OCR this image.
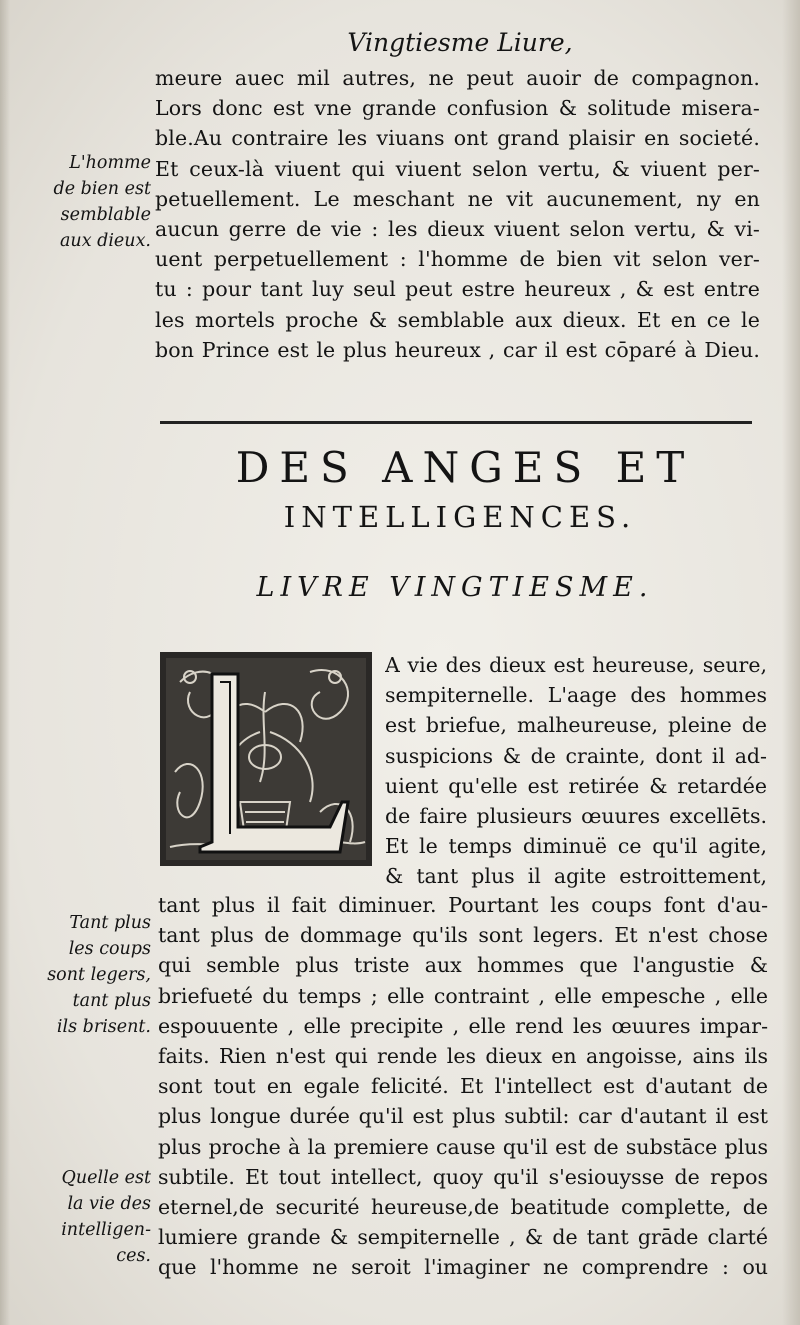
Vingtiesme Liure,
meure auec mil autres, ne peut auoir de compagnon.
Lors donc est vne grande confusion & solitude misera-
ble.Au contraire les viuans ont grand plaisir en societé.
Et ceux-là viuent qui viuent selon vertu, & viuent per-
petuellement. Le meschant ne vit aucunement, ny en
aucun gerre de vie : les dieux viuent selon vertu, & vi-
uent perpetuellement : l'homme de bien vit selon ver-
tu : pour tant luy seul peut estre heureux , & est entre
les mortels proche & semblable aux dieux. Et en ce le
bon Prince est le plus heureux , car il est cōparé à Dieu.
L'homme
de bien est
semblable
aux dieux.
DES ANGES ET
INTELLIGENCES.
LIVRE VINGTIESME.
A vie des dieux est heureuse, seure,
sempiternelle. L'aage des hommes
est briefue, malheureuse, pleine de
suspicions & de crainte, dont il ad-
uient qu'elle est retirée & retardée
de faire plusieurs œuures excellēts.
Et le temps diminuë ce qu'il agite,
& tant plus il agite estroittement,
tant plus il fait diminuer. Pourtant les coups font d'au-
tant plus de dommage qu'ils sont legers. Et n'est chose
qui semble plus triste aux hommes que l'angustie &
briefueté du temps ; elle contraint , elle empesche , elle
espouuente , elle precipite , elle rend les œuures impar-
faits. Rien n'est qui rende les dieux en angoisse, ains ils
sont tout en egale felicité. Et l'intellect est d'autant de
plus longue durée qu'il est plus subtil: car d'autant il est
plus proche à la premiere cause qu'il est de substāce plus
subtile. Et tout intellect, quoy qu'il s'esiouysse de repos
eternel,de securité heureuse,de beatitude complette, de
lumiere grande & sempiternelle , & de tant grāde clarté
que l'homme ne seroit l'imaginer ne comprendre : ou
Tant plus
les coups
sont legers,
tant plus
ils brisent.
Quelle est
la vie des
intelligen-
ces.
